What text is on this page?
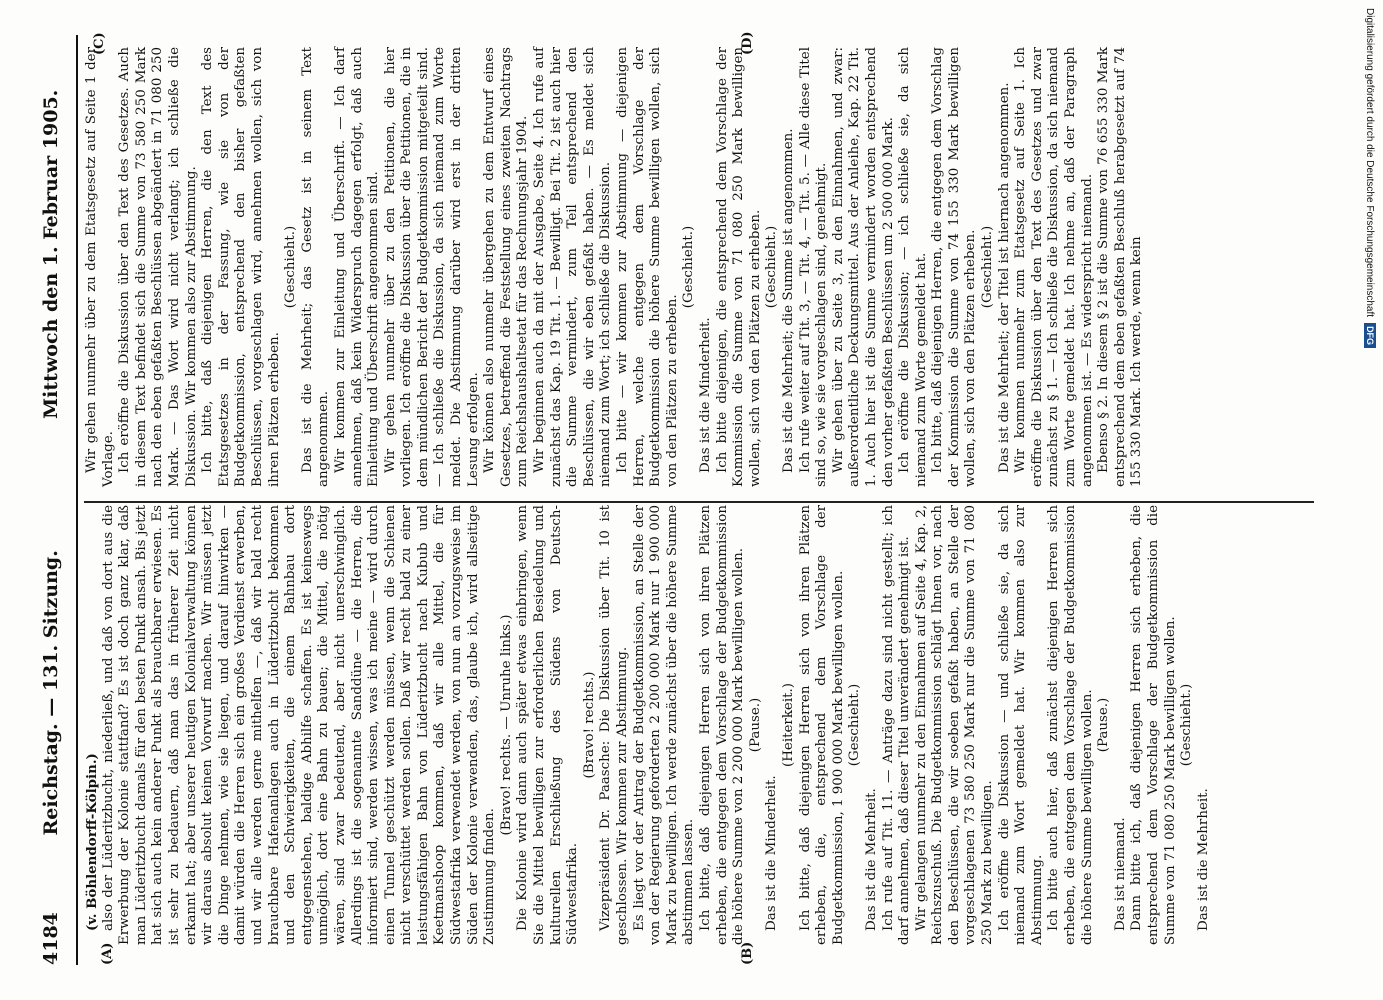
4184
Reichstag. — 131. Sitzung.
Mittwoch den 1. Februar 1905.
(A)	(B)
(C)	(D)

(v. Böhlendorff-Kölpin.) also der Lüderitzbucht, niederließ, und daß von dort aus die Erwerbung der Kolonie stattfand? Es ist doch ganz klar, daß man Lüderitzbucht damals für den besten Punkt ansah. Bis jetzt hat sich auch kein anderer Punkt als brauchbarer erwiesen. Es ist sehr zu bedauern, daß man das in früherer Zeit nicht erkannt hat; aber unserer heutigen Kolonialverwaltung können wir daraus absolut keinen Vorwurf machen. Wir müssen jetzt die Dinge nehmen, wie sie liegen, und darauf hinwirken — damit würden die Herren sich ein großes Verdienst erwerben, und wir alle werden gerne mithelfen —, daß wir bald recht brauchbare Hafenanlagen auch in Lüderitzbucht bekommen und den Schwierigkeiten, die einem Bahnbau dort entgegenstehen, baldige Abhilfe schaffen. Es ist keineswegs unmöglich, dort eine Bahn zu bauen; die Mittel, die nötig wären, sind zwar bedeutend, aber nicht unerschwinglich. Allerdings ist die sogenannte Sanddüne — die Herren, die informiert sind, werden wissen, was ich meine — wird durch einen Tunnel geschützt werden müssen, wenn die Schienen nicht verschüttet werden sollen. Daß wir recht bald zu einer leistungsfähigen Bahn von Lüderitzbucht nach Kubub und Keetmanshoop kommen, daß wir alle Mittel, die für Südwestafrika verwendet werden, von nun an vorzugsweise im Süden der Kolonie verwenden, das, glaube ich, wird allseitige Zustimmung finden.

(Bravo! rechts. — Unruhe links.) Die Kolonie wird dann auch später etwas einbringen, wenn Sie die Mittel bewilligen zur erforderlichen Besiedelung und kulturellen Erschließung des Südens von Deutsch-Südwestafrika.

(Bravo! rechts.) Vizepräsident Dr. Paasche: Die Diskussion über Tit. 10 ist geschlossen. Wir kommen zur Abstimmung. Es liegt vor der Antrag der Budgetkommission, an Stelle der von der Regierung geforderten 2 200 000 Mark nur 1 900 000 Mark zu bewilligen. Ich werde zunächst über die höhere Summe abstimmen lassen. Ich bitte, daß diejenigen Herren sich von ihren Plätzen erheben, die entgegen dem Vorschlage der Budgetkommission die höhere Summe von 2 200 000 Mark bewilligen wollen. (Pause.)

Das ist die Minderheit.

(Heiterkeit.) Ich bitte, daß diejenigen Herren sich von ihren Plätzen erheben, die, entsprechend dem Vorschlage der Budgetkommission, 1 900 000 Mark bewilligen wollen. (Geschieht.)

Das ist die Mehrheit. Ich rufe auf Tit. 11. — Anträge dazu sind nicht gestellt; ich darf annehmen, daß dieser Titel unverändert genehmigt ist. Wir gelangen nunmehr zu den Einnahmen auf Seite 4, Kap. 2, Reichszuschuß. Die Budgetkommission schlägt Ihnen vor, nach den Beschlüssen, die wir soeben gefaßt haben, an Stelle der vorgeschlagenen 73 580 250 Mark nur die Summe von 71 080 250 Mark zu bewilligen. Ich eröffne die Diskussion — und schließe sie, da sich niemand zum Wort gemeldet hat. Wir kommen also zur Abstimmung. Ich bitte auch hier, daß zunächst diejenigen Herren sich erheben, die entgegen dem Vorschlage der Budgetkommission die höhere Summe bewilligen wollen. (Pause.)

Das ist niemand. Dann bitte ich, daß diejenigen Herren sich erheben, die entsprechend dem Vorschlage der Budgetkommission die Summe von 71 080 250 Mark bewilligen wollen. (Geschieht.)

Das ist die Mehrheit.

Wir gehen nunmehr über zu dem Etatsgesetz auf Seite 1 der Vorlage. Ich eröffne die Diskussion über den Text des Gesetzes. Auch in diesem Text befindet sich die Summe von 73 580 250 Mark nach den eben gefaßten Beschlüssen abgeändert in 71 080 250 Mark. — Das Wort wird nicht verlangt; ich schließe die Diskussion. Wir kommen also zur Abstimmung. Ich bitte, daß diejenigen Herren, die den Text des Etatsgesetzes in der Fassung, wie sie von der Budgetkommission, entsprechend den bisher gefaßten Beschlüssen, vorgeschlagen wird, annehmen wollen, sich von ihren Plätzen erheben.

(Geschieht.) Das ist die Mehrheit; das Gesetz ist in seinem Text angenommen. Wir kommen zur Einleitung und Überschrift. — Ich darf annehmen, daß kein Widerspruch dagegen erfolgt, daß auch Einleitung und Überschrift angenommen sind. Wir gehen nunmehr über zu den Petitionen, die hier vorliegen. Ich eröffne die Diskussion über die Petitionen, die in dem mündlichen Bericht der Budgetkommission mitgeteilt sind. — Ich schließe die Diskussion, da sich niemand zum Worte meldet. Die Abstimmung darüber wird erst in der dritten Lesung erfolgen. Wir können also nunmehr übergehen zu dem Entwurf eines Gesetzes, betreffend die Feststellung eines zweiten Nachtrags zum Reichshaushaltsetat für das Rechnungsjahr 1904. Wir beginnen auch da mit der Ausgabe, Seite 4. Ich rufe auf zunächst das Kap. 19 Tit. 1. — Bewilligt. Bei Tit. 2 ist auch hier die Summe vermindert, zum Teil entsprechend den Beschlüssen, die wir eben gefaßt haben. — Es meldet sich niemand zum Wort; ich schließe die Diskussion. Ich bitte — wir kommen zur Abstimmung — diejenigen Herren, welche entgegen dem Vorschlage der Budgetkommission die höhere Summe bewilligen wollen, sich von den Plätzen zu erheben.

(Geschieht.)

Das ist die Minderheit. Ich bitte diejenigen, die entsprechend dem Vorschlage der Kommission die Summe von 71 080 250 Mark bewilligen wollen, sich von den Plätzen zu erheben. (Geschieht.) Das ist die Mehrheit; die Summe ist angenommen. Ich rufe weiter auf Tit. 3, — Tit. 4, — Tit. 5. — Alle diese Titel sind so, wie sie vorgeschlagen sind, genehmigt. Wir gehen über zu Seite 3, zu den Einnahmen, und zwar: außerordentliche Deckungsmittel. Aus der Anleihe, Kap. 22 Tit. 1. Auch hier ist die Summe vermindert worden entsprechend den vorher gefaßten Beschlüssen um 2 500 000 Mark. Ich eröffne die Diskussion; — ich schließe sie, da sich niemand zum Worte gemeldet hat. Ich bitte, daß diejenigen Herren, die entgegen dem Vorschlag der Kommission die Summe von 74 155 330 Mark bewilligen wollen, sich von den Plätzen erheben. (Geschieht.) Das ist die Mehrheit; der Titel ist hiernach angenommen. Wir kommen nunmehr zum Etatsgesetz auf Seite 1. Ich eröffne die Diskussion über den Text des Gesetzes und zwar zunächst zu § 1. — Ich schließe die Diskussion, da sich niemand zum Worte gemeldet hat. Ich nehme an, daß der Paragraph angenommen ist. — Es widerspricht niemand. Ebenso § 2. In diesem § 2 ist die Summe von 76 655 330 Mark entsprechend dem eben gefaßten Beschluß herabgesetzt auf 74 155 330 Mark. Ich werde, wenn kein

Digitalisierung gefördert durch die Deutsche Forschungsgemeinschaft
DFG
